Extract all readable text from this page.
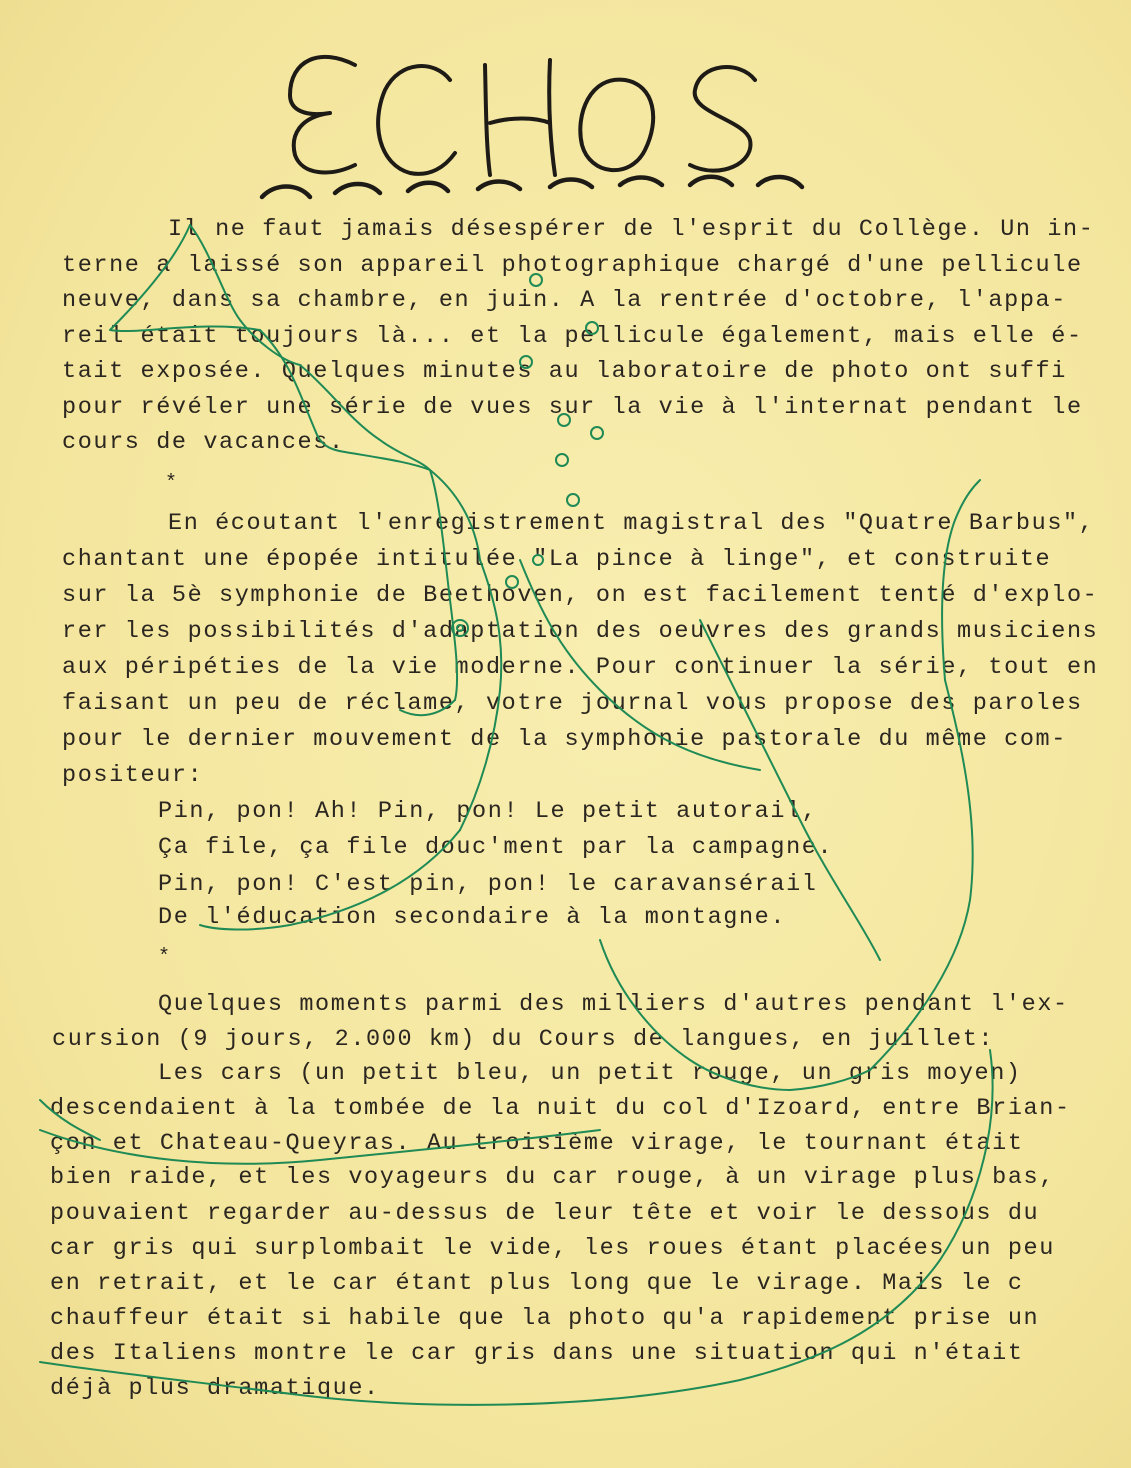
Il ne faut jamais désespérer de l'esprit du Collège. Un in-
terne a laissé son appareil photographique chargé d'une pellicule
neuve, dans sa chambre, en juin. A la rentrée d'octobre, l'appa-
reil était toujours là... et la pellicule également, mais elle é-
tait exposée. Quelques minutes au laboratoire de photo ont suffi
pour révéler une série de vues sur la vie à l'internat pendant le
cours de vacances.
*
En écoutant l'enregistrement magistral des "Quatre Barbus",
chantant une épopée intitulée "La pince à linge", et construite
sur la 5è symphonie de Beethoven, on est facilement tenté d'explo-
rer les possibilités d'adaptation des oeuvres des grands musiciens
aux péripéties de la vie moderne. Pour continuer la série, tout en
faisant un peu de réclame, votre journal vous propose des paroles
pour le dernier mouvement de la symphonie pastorale du même com-
positeur:
Pin, pon! Ah! Pin, pon! Le petit autorail,
Ça file, ça file douc'ment par la campagne.
Pin, pon! C'est pin, pon! le caravansérail
De l'éducation secondaire à la montagne.
*
Quelques moments parmi des milliers d'autres pendant l'ex-
cursion (9 jours, 2.000 km) du Cours de langues, en juillet:
Les cars (un petit bleu, un petit rouge, un gris moyen)
descendaient à la tombée de la nuit du col d'Izoard, entre Brian-
çon et Chateau-Queyras. Au troisième virage, le tournant était
bien raide, et les voyageurs du car rouge, à un virage plus bas,
pouvaient regarder au-dessus de leur tête et voir le dessous du
car gris qui surplombait le vide, les roues étant placées un peu
en retrait, et le car étant plus long que le virage. Mais le c
chauffeur était si habile que la photo qu'a rapidement prise un
des Italiens montre le car gris dans une situation qui n'était
déjà plus dramatique.
